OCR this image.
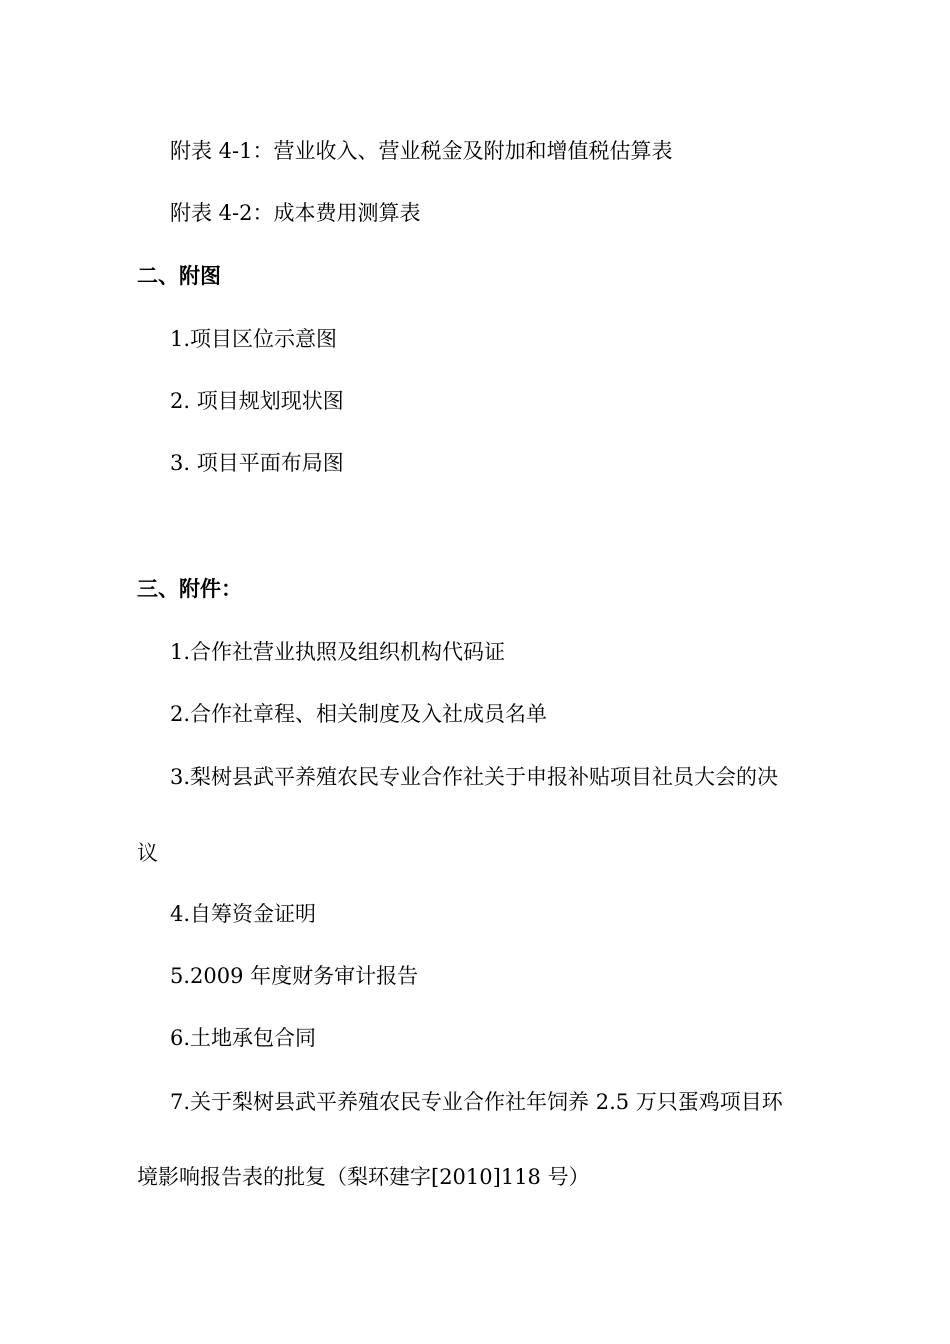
附表 4-1：营业收入、营业税金及附加和增值税估算表
附表 4-2：成本费用测算表
二、附图
1.项目区位示意图
2. 项目规划现状图
3. 项目平面布局图
三、附件：
1.合作社营业执照及组织机构代码证
2.合作社章程、相关制度及入社成员名单
3.梨树县武平养殖农民专业合作社关于申报补贴项目社员大会的决
议
4.自筹资金证明
5.2009 年度财务审计报告
6.土地承包合同
7.关于梨树县武平养殖农民专业合作社年饲养 2.5 万只蛋鸡项目环
境影响报告表的批复（梨环建字[2010]118 号）
